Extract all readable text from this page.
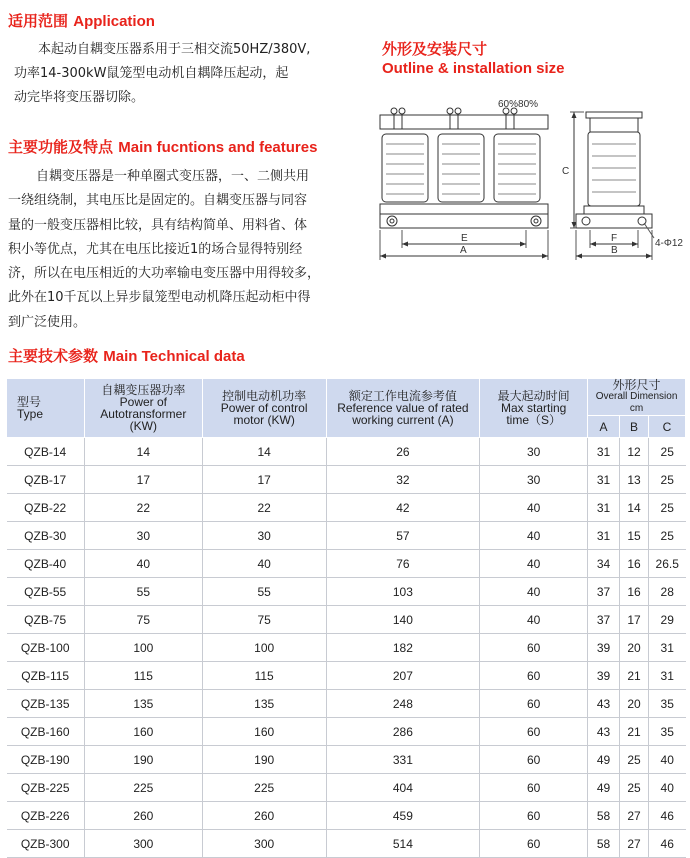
适用范围 Application

本起动自耦变压器系用于三相交流50HZ/380V,

功率14-300kW鼠笼型电动机自耦降压起动，起

动完毕将变压器切除。

外形及安装尺寸
Outline & installation size
60%80%
E
A
C
F
B
4-Φ12
主要功能及特点 Main fucntions and features

自耦变压器是一种单圈式变压器，一、二侧共用

一绕组绕制，其电压比是固定的。自耦变压器与同容

量的一般变压器相比较，具有结构简单、用料省、体

积小等优点，尤其在电压比接近1的场合显得特别经

济，所以在电压相近的大功率输电变压器中用得较多，

此外在10千瓦以上异步鼠笼型电动机降压起动柜中得

到广泛使用。

主要技术参数 Main Technical data
型号
Type	自耦变压器功率
Power of
Autotransformer
(KW)	控制电动机功率
Power of control
motor (KW)	额定工作电流参考值
Reference value of rated
working current (A)	最大起动时间
Max starting
time（S）	外形尺寸
Overall Dimension cm		

					A	B	C
QZB-14	14	14	26	30	31	12	25
QZB-17	17	17	32	30	31	13	25
QZB-22	22	22	42	40	31	14	25
QZB-30	30	30	57	40	31	15	25
QZB-40	40	40	76	40	34	16	26.5
QZB-55	55	55	103	40	37	16	28
QZB-75	75	75	140	40	37	17	29
QZB-100	100	100	182	60	39	20	31
QZB-115	115	115	207	60	39	21	31
QZB-135	135	135	248	60	43	20	35
QZB-160	160	160	286	60	43	21	35
QZB-190	190	190	331	60	49	25	40
QZB-225	225	225	404	60	49	25	40
QZB-226	260	260	459	60	58	27	46
QZB-300	300	300	514	60	58	27	46
